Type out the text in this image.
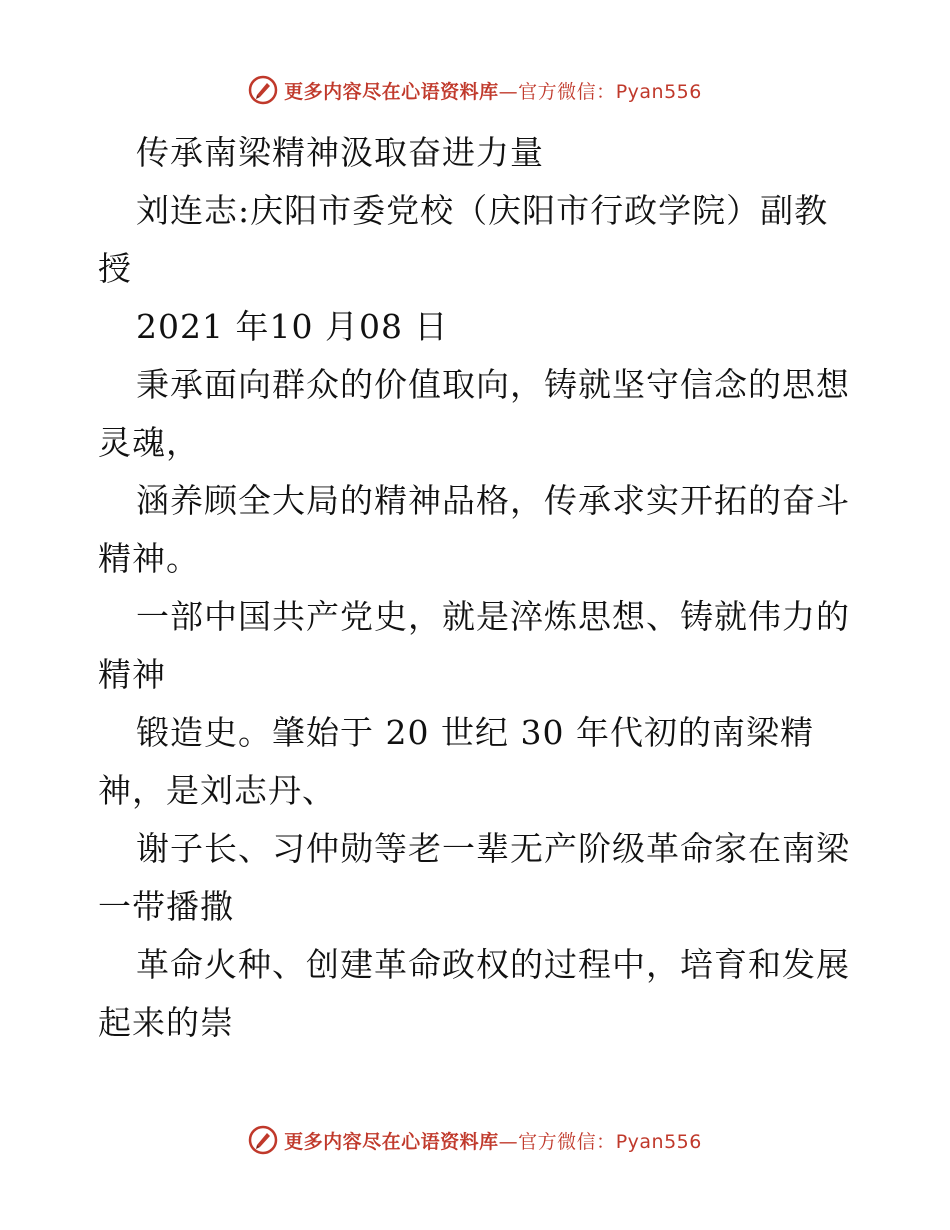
更多内容尽在心语资料库—官方微信：Pyan556

传承南梁精神汲取奋进力量

刘连志:庆阳市委党校（庆阳市行政学院）副教授

2021 年10 月08 日

秉承面向群众的价值取向，铸就坚守信念的思想灵魂，

涵养顾全大局的精神品格，传承求实开拓的奋斗精神。

一部中国共产党史，就是淬炼思想、铸就伟力的精神

锻造史。肇始于 20 世纪 30 年代初的南梁精神，是刘志丹、

谢子长、习仲勋等老一辈无产阶级革命家在南梁一带播撒

革命火种、创建革命政权的过程中，培育和发展起来的崇

更多内容尽在心语资料库—官方微信：Pyan556
